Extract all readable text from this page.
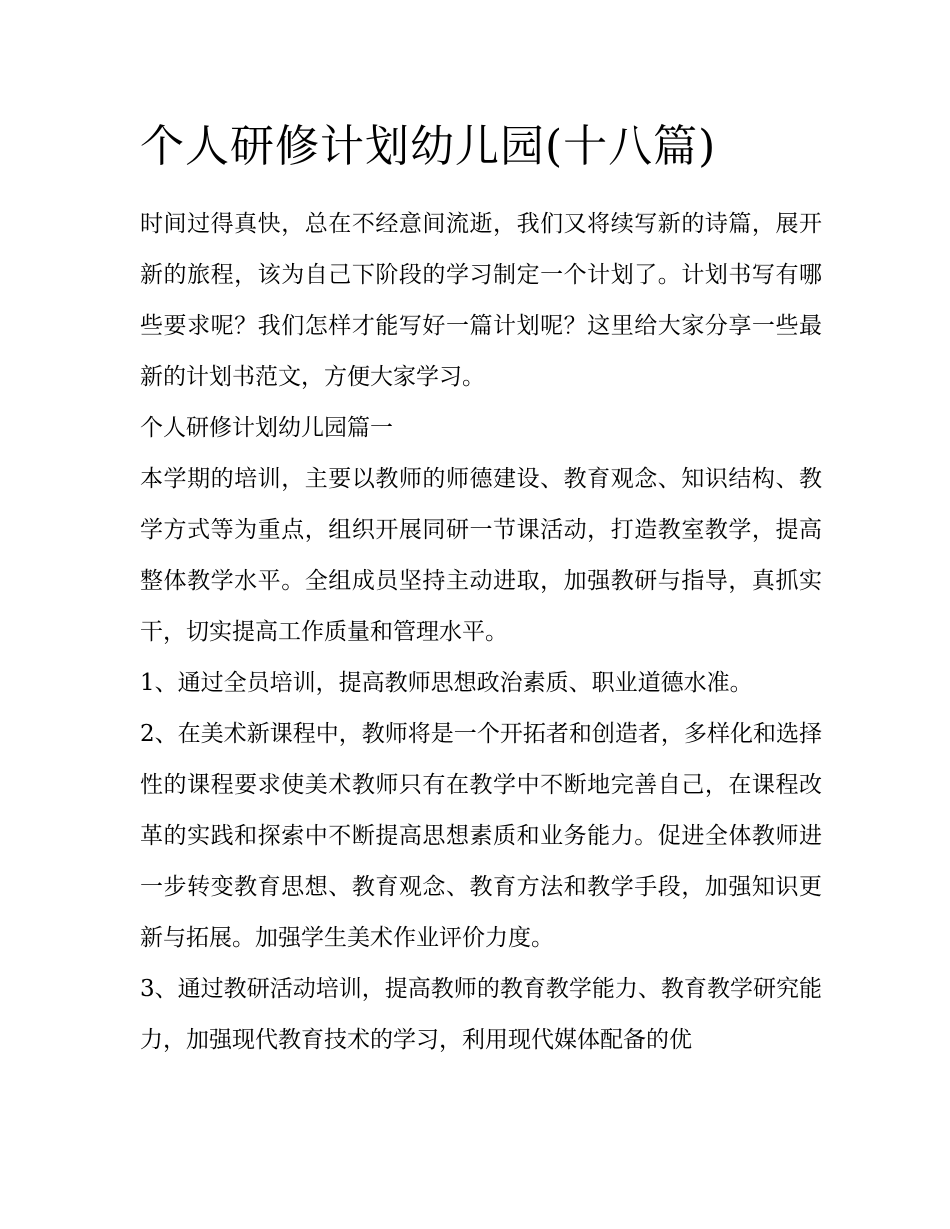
个人研修计划幼儿园(十八篇)

时间过得真快，总在不经意间流逝，我们又将续写新的诗篇，展开新的旅程，该为自己下阶段的学习制定一个计划了。计划书写有哪些要求呢？我们怎样才能写好一篇计划呢？这里给大家分享一些最新的计划书范文，方便大家学习。

个人研修计划幼儿园篇一

本学期的培训，主要以教师的师德建设、教育观念、知识结构、教学方式等为重点，组织开展同研一节课活动，打造教室教学，提高整体教学水平。全组成员坚持主动进取，加强教研与指导，真抓实干，切实提高工作质量和管理水平。

1、通过全员培训，提高教师思想政治素质、职业道德水准。

2、在美术新课程中，教师将是一个开拓者和创造者，多样化和选择性的课程要求使美术教师只有在教学中不断地完善自己，在课程改革的实践和探索中不断提高思想素质和业务能力。促进全体教师进一步转变教育思想、教育观念、教育方法和教学手段，加强知识更新与拓展。加强学生美术作业评价力度。

3、通过教研活动培训，提高教师的教育教学能力、教育教学研究能力，加强现代教育技术的学习，利用现代媒体配备的优
